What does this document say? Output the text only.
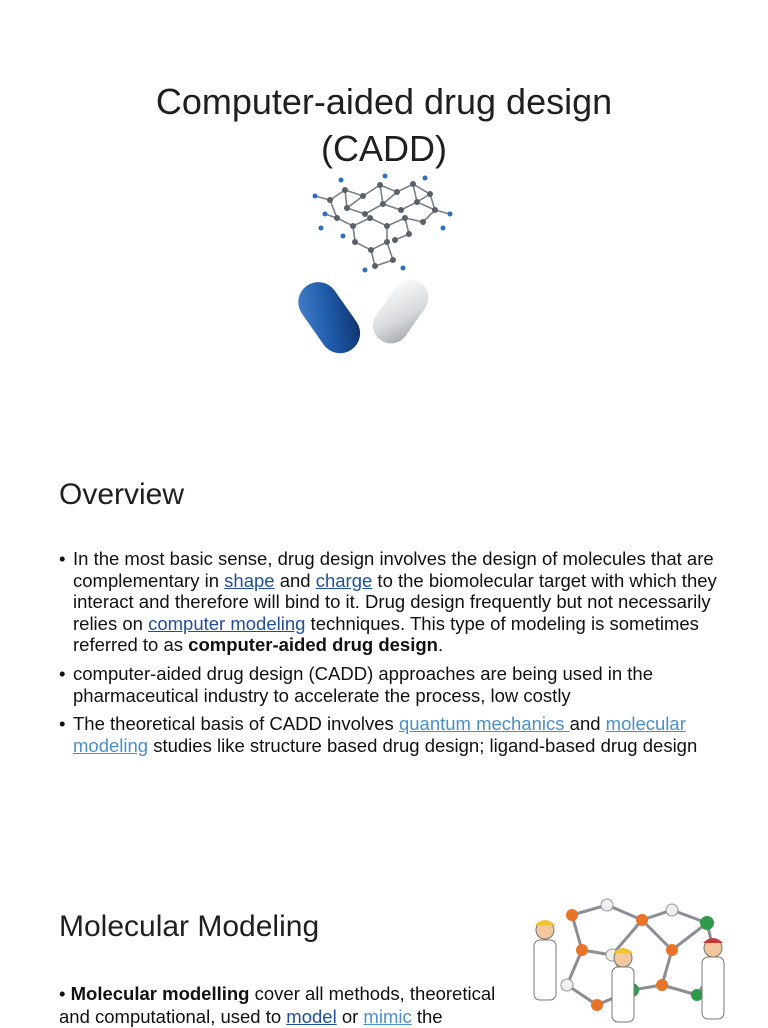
Computer-aided drug design
(CADD)
Overview
• In the most basic sense, drug design involves the design of molecules that are complementary in shape and charge to the biomolecular target with which they interact and therefore will bind to it. Drug design frequently but not necessarily relies on computer modeling techniques. This type of modeling is sometimes referred to as computer-aided drug design.
• computer-aided drug design (CADD) approaches are being used in the pharmaceutical industry to accelerate the process, low costly
• The theoretical basis of CADD involves quantum mechanics and molecular modeling studies like structure based drug design; ligand-based drug design
Molecular Modeling
• Molecular modelling cover all methods, theoretical and computational, used to model or mimic the
